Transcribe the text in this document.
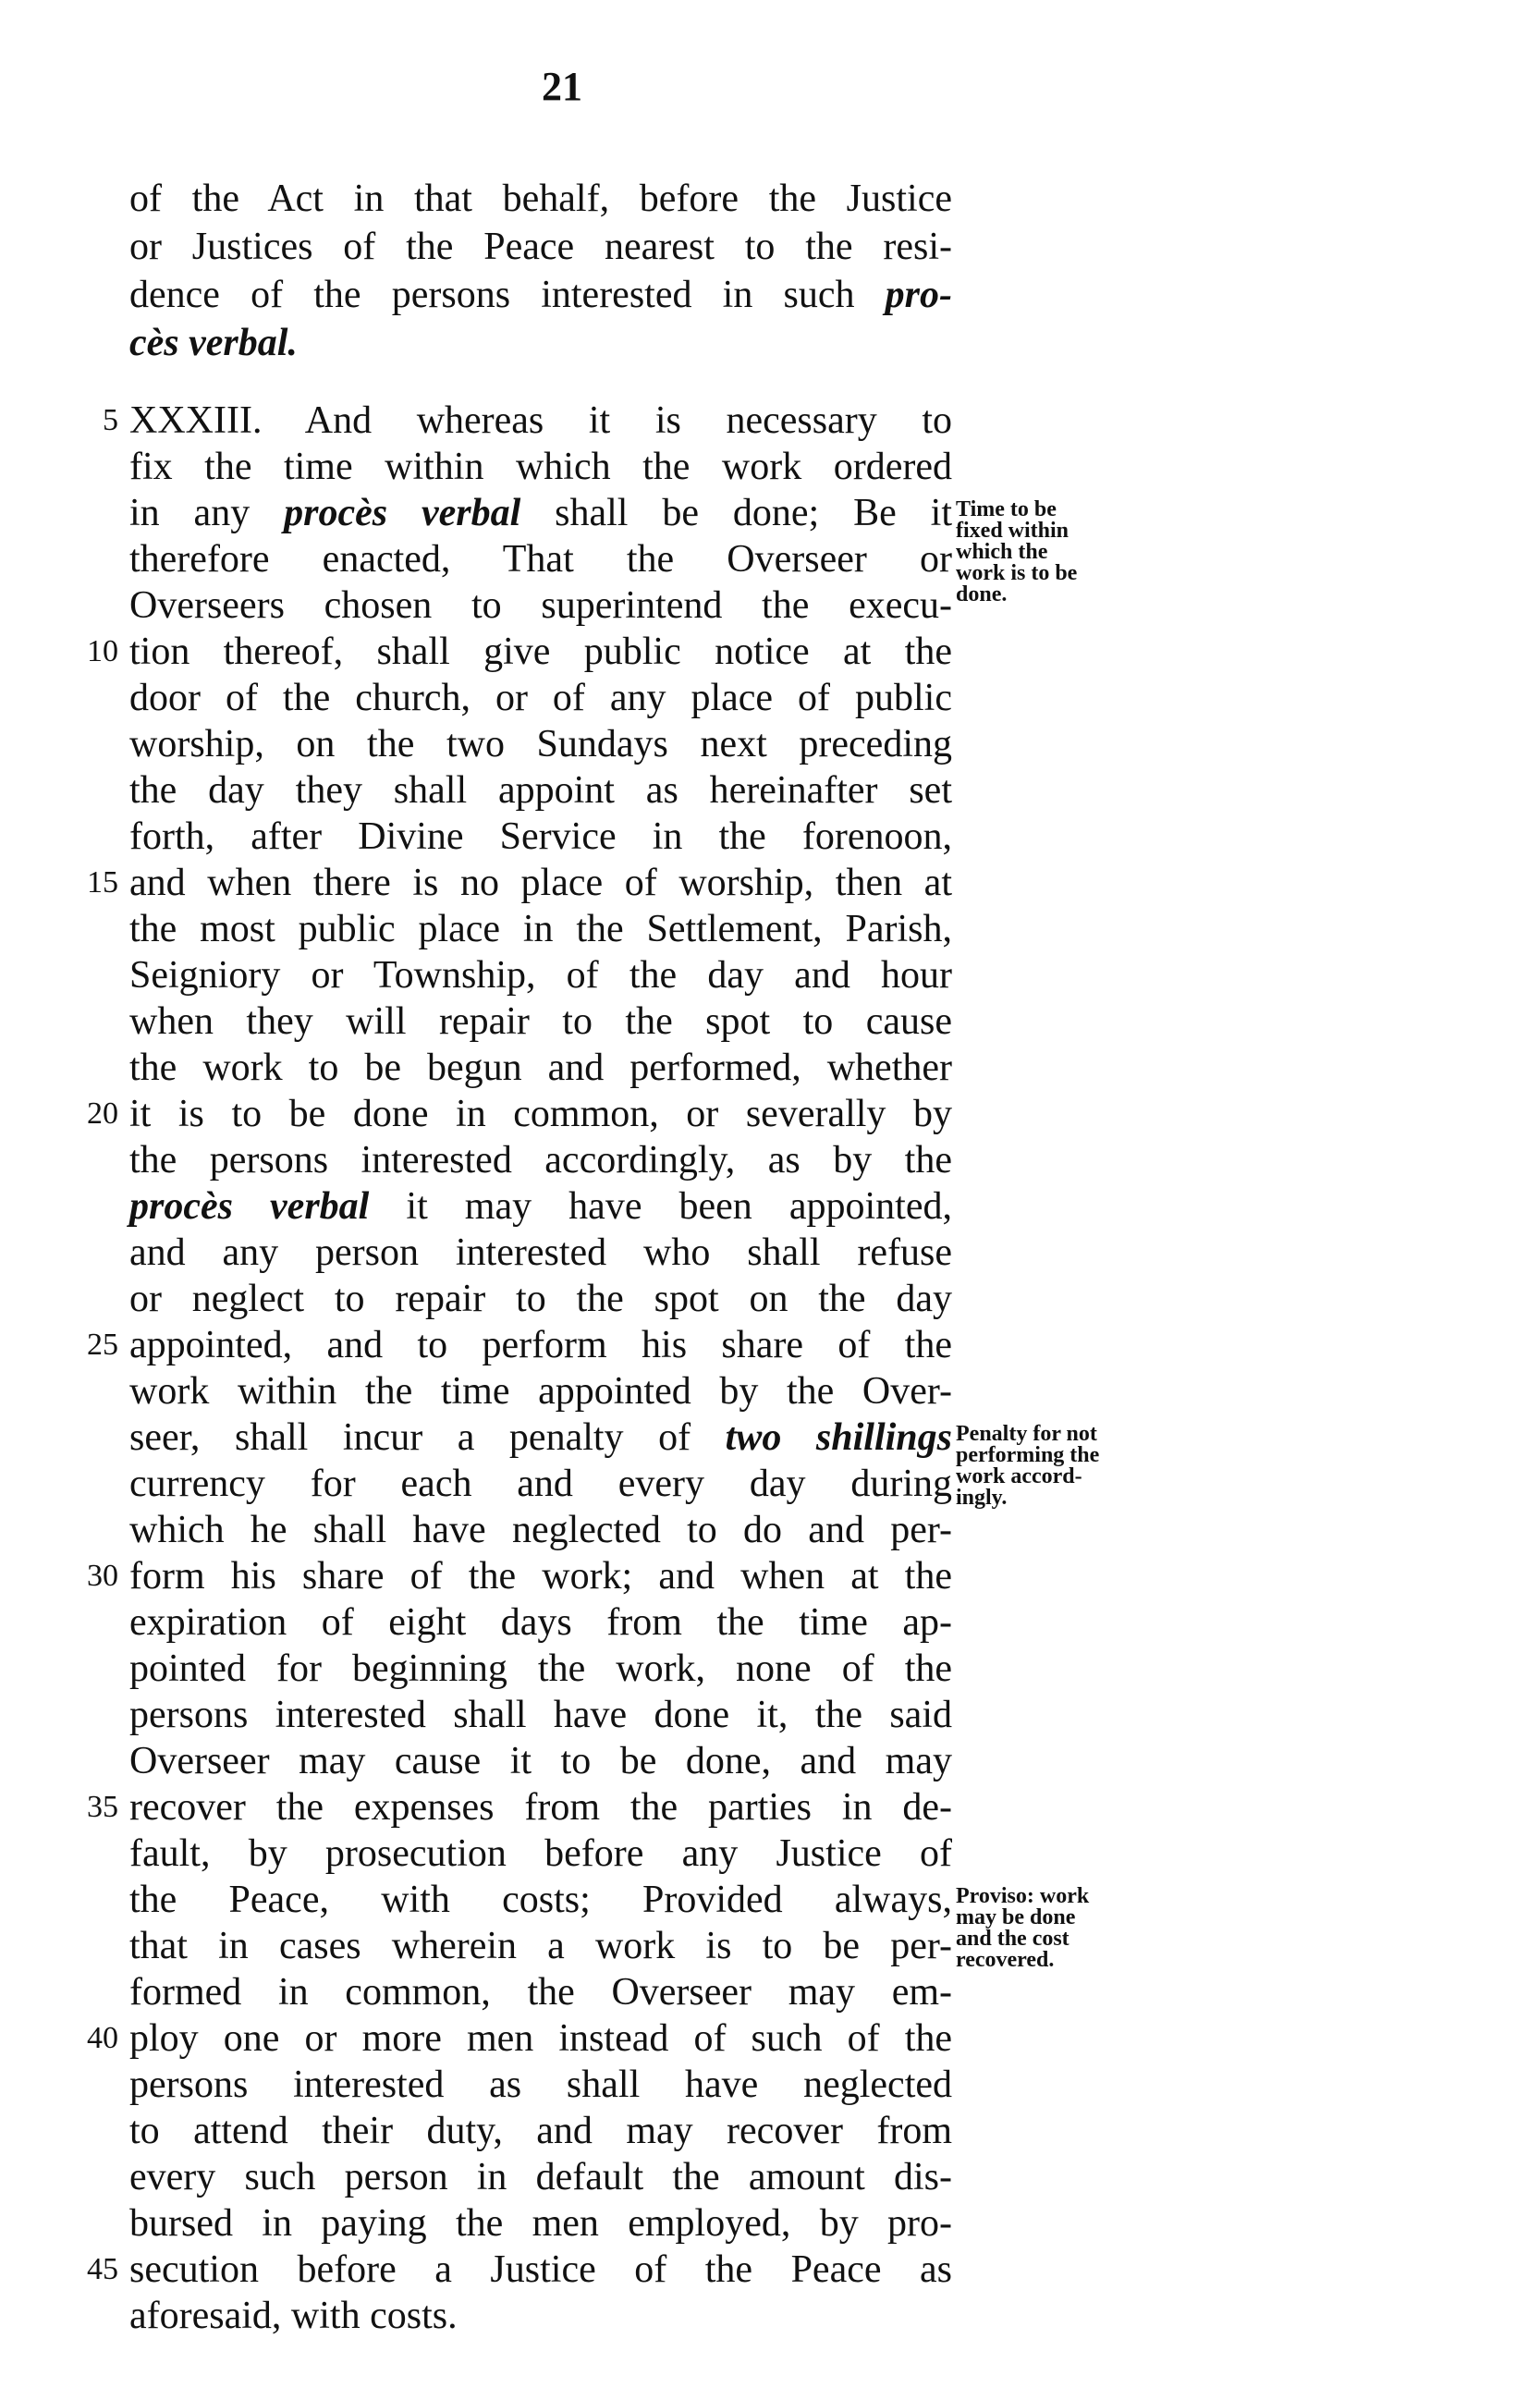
21
of the Act in that behalf, before the Justice
or Justices of the Peace nearest to the resi-
dence of the persons interested in such pro-
cès verbal.
XXXIII. And whereas it is necessary to
fix the time within which the work ordered
in any procès verbal shall be done; Be it
therefore enacted, That the Overseer or
Overseers chosen to superintend the execu-
tion thereof, shall give public notice at the
door of the church, or of any place of public
worship, on the two Sundays next preceding
the day they shall appoint as hereinafter set
forth, after Divine Service in the forenoon,
and when there is no place of worship, then at
the most public place in the Settlement, Parish,
Seigniory or Township, of the day and hour
when they will repair to the spot to cause
the work to be begun and performed, whether
it is to be done in common, or severally by
the persons interested accordingly, as by the
procès verbal it may have been appointed,
and any person interested who shall refuse
or neglect to repair to the spot on the day
appointed, and to perform his share of the
work within the time appointed by the Over-
seer, shall incur a penalty of two shillings
currency for each and every day during
which he shall have neglected to do and per-
form his share of the work; and when at the
expiration of eight days from the time ap-
pointed for beginning the work, none of the
persons interested shall have done it, the said
Overseer may cause it to be done, and may
recover the expenses from the parties in de-
fault, by prosecution before any Justice of
the Peace, with costs; Provided always,
that in cases wherein a work is to be per-
formed in common, the Overseer may em-
ploy one or more men instead of such of the
persons interested as shall have neglected
to attend their duty, and may recover from
every such person in default the amount dis-
bursed in paying the men employed, by pro-
secution before a Justice of the Peace as
aforesaid, with costs.
5
10
15
20
25
30
35
40
45
Time to be
fixed within
which the
work is to be
done.
Penalty for not
performing the
work accord-
ingly.
Proviso: work
may be done
and the cost
recovered.
